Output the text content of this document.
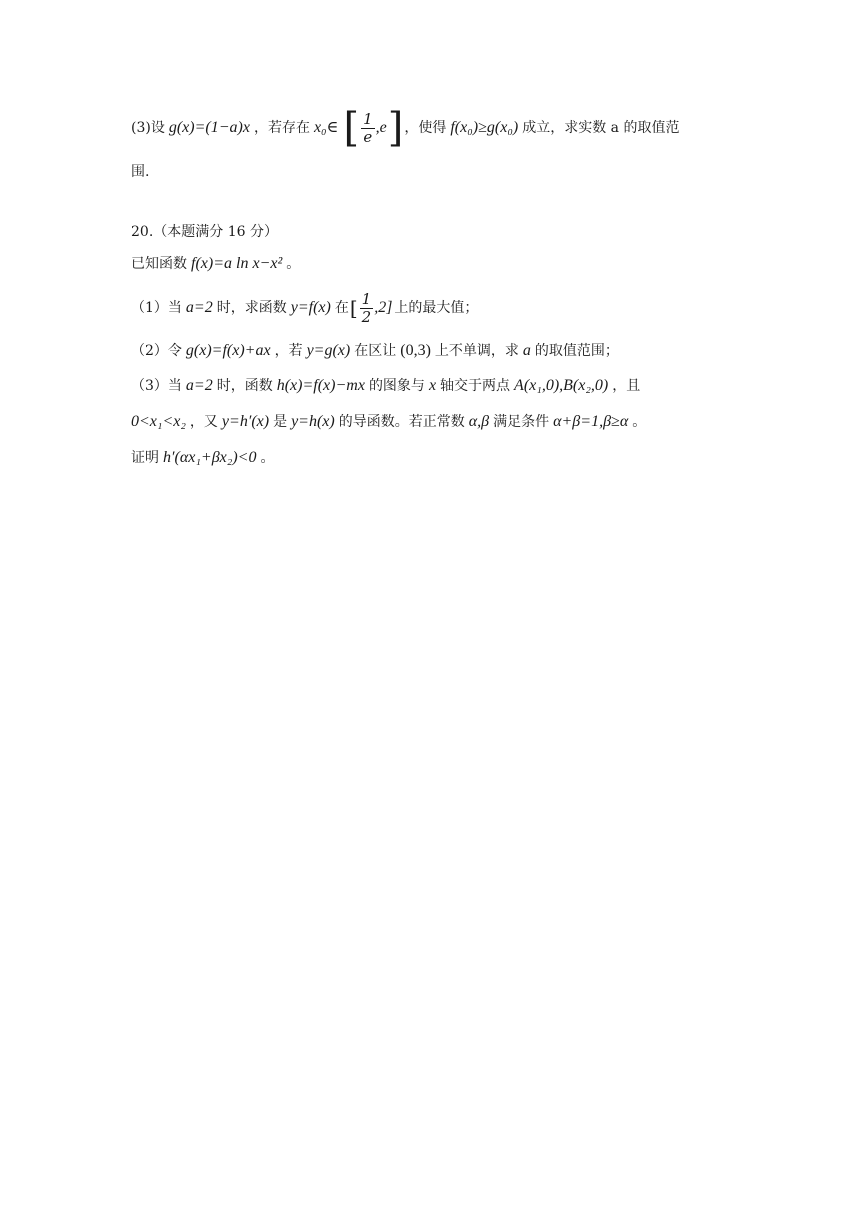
(3)设 g(x)=(1−a)x ，若存在 x₀∈ [ $\frac{1}{e} ,e$ ] ，使得 f(x₀)≥g(x₀) 成立，求实数 a 的取值范
围.
20.（本题满分 16 分）
已知函数 f(x)=a ln x−x² 。
（1）当 a=2 时，求函数 y=f(x) 在 [ $\frac{1}{2} ,2$] 上的最大值；
（2）令 g(x)=f(x)+ax ，若 y=g(x) 在区让 (0,3) 上不单调，求 a 的取值范围；
（3）当 a=2 时，函数 h(x)=f(x)−mx 的图象与 x 轴交于两点 A(x₁,0),B(x₂,0) ，且
0<x₁<x₂ ，又 y=h′(x) 是 y=h(x) 的导函数。若正常数 α,β 满足条件 α+β=1,β≥α 。
证明 h′(αx₁+βx₂)<0 。
